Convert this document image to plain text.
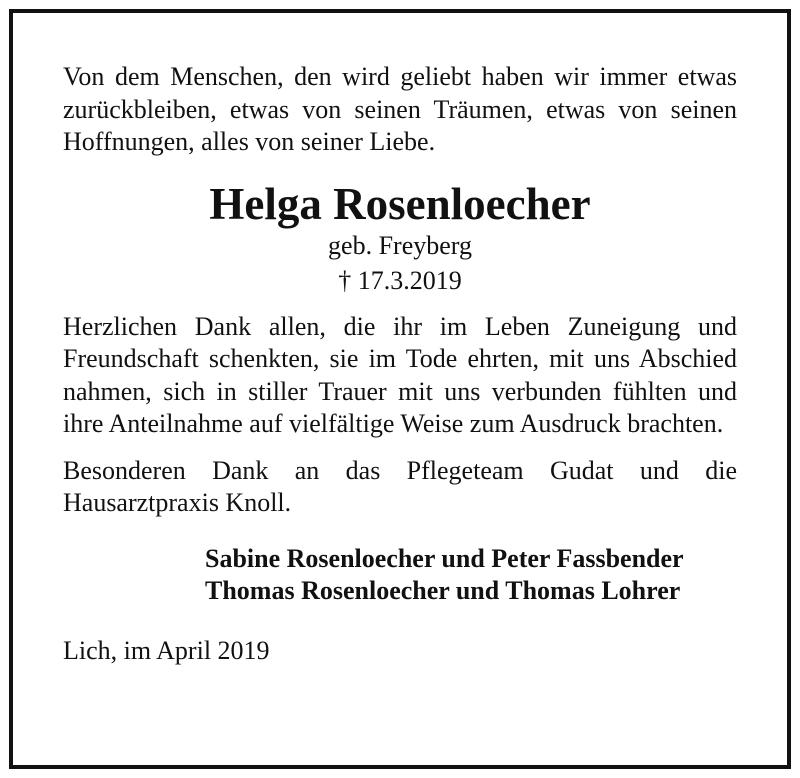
Von dem Menschen, den wird geliebt haben wir immer etwas zurückbleiben, etwas von seinen Träumen, etwas von seinen Hoffnungen, alles von seiner Liebe.

Helga Rosenloecher

geb. Freyberg

† 17.3.2019

Herzlichen Dank allen, die ihr im Leben Zuneigung und Freundschaft schenkten, sie im Tode ehrten, mit uns Abschied nahmen, sich in stiller Trauer mit uns verbunden fühlten und ihre Anteilnahme auf vielfältige Weise zum Ausdruck brachten.

Besonderen Dank an das Pflegeteam Gudat und die Hausarztpraxis Knoll.

Sabine Rosenloecher und Peter Fassbender
Thomas Rosenloecher und Thomas Lohrer
Lich, im April 2019
